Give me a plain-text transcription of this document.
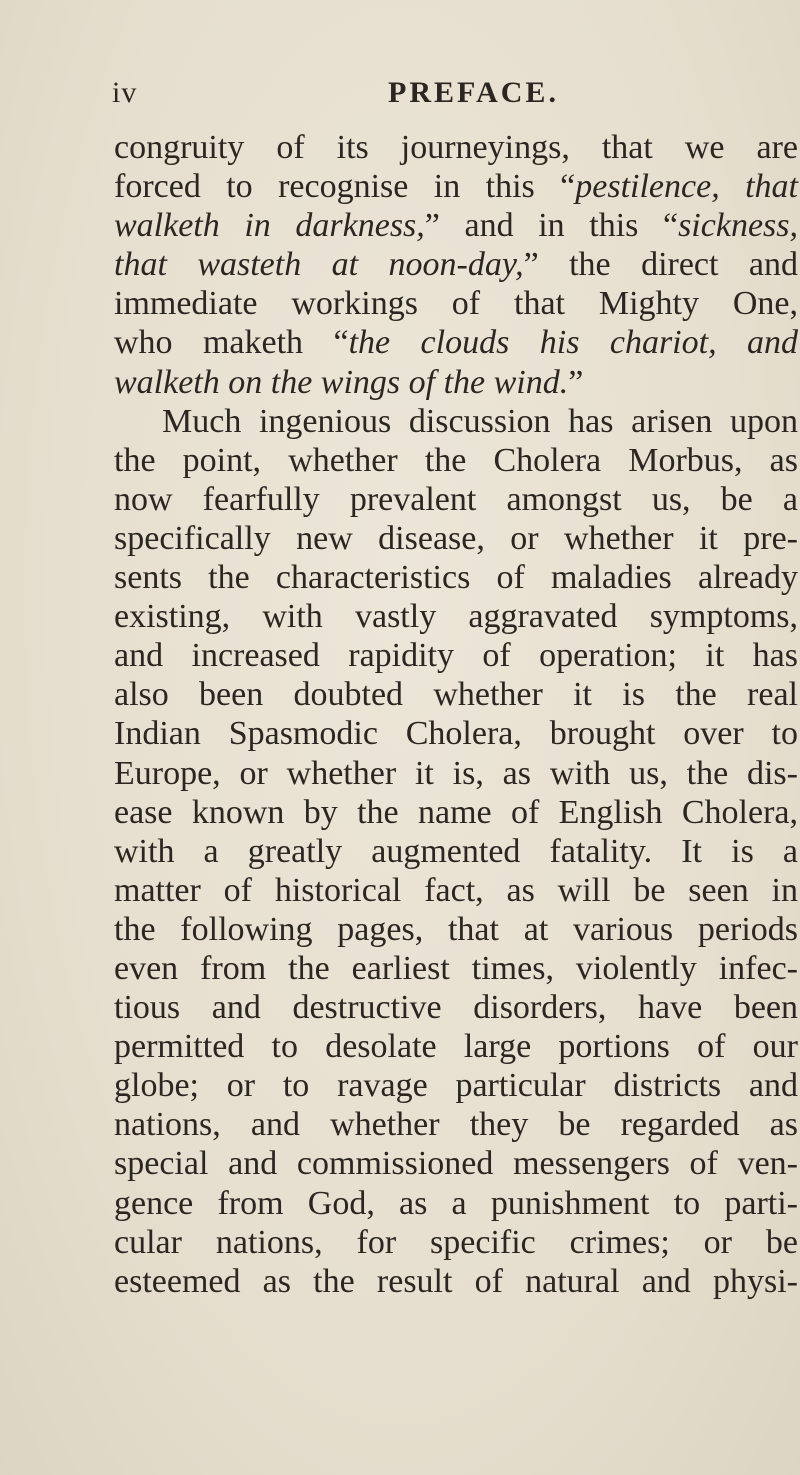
iv	PREFACE.
congruity of its journeyings, that we are
forced to recognise in this “pestilence, that
walketh in darkness,” and in this “sickness,
that wasteth at noon-day,” the direct and
immediate workings of that Mighty One,
who maketh “the clouds his chariot, and
walketh on the wings of the wind.”
Much ingenious discussion has arisen upon
the point, whether the Cholera Morbus, as
now fearfully prevalent amongst us, be a
specifically new disease, or whether it pre-
sents the characteristics of maladies already
existing, with vastly aggravated symptoms,
and increased rapidity of operation; it has
also been doubted whether it is the real
Indian Spasmodic Cholera, brought over to
Europe, or whether it is, as with us, the dis-
ease known by the name of English Cholera,
with a greatly augmented fatality. It is a
matter of historical fact, as will be seen in
the following pages, that at various periods
even from the earliest times, violently infec-
tious and destructive disorders, have been
permitted to desolate large portions of our
globe; or to ravage particular districts and
nations, and whether they be regarded as
special and commissioned messengers of ven-
gence from God, as a punishment to parti-
cular nations, for specific crimes; or be
esteemed as the result of natural and physi-
